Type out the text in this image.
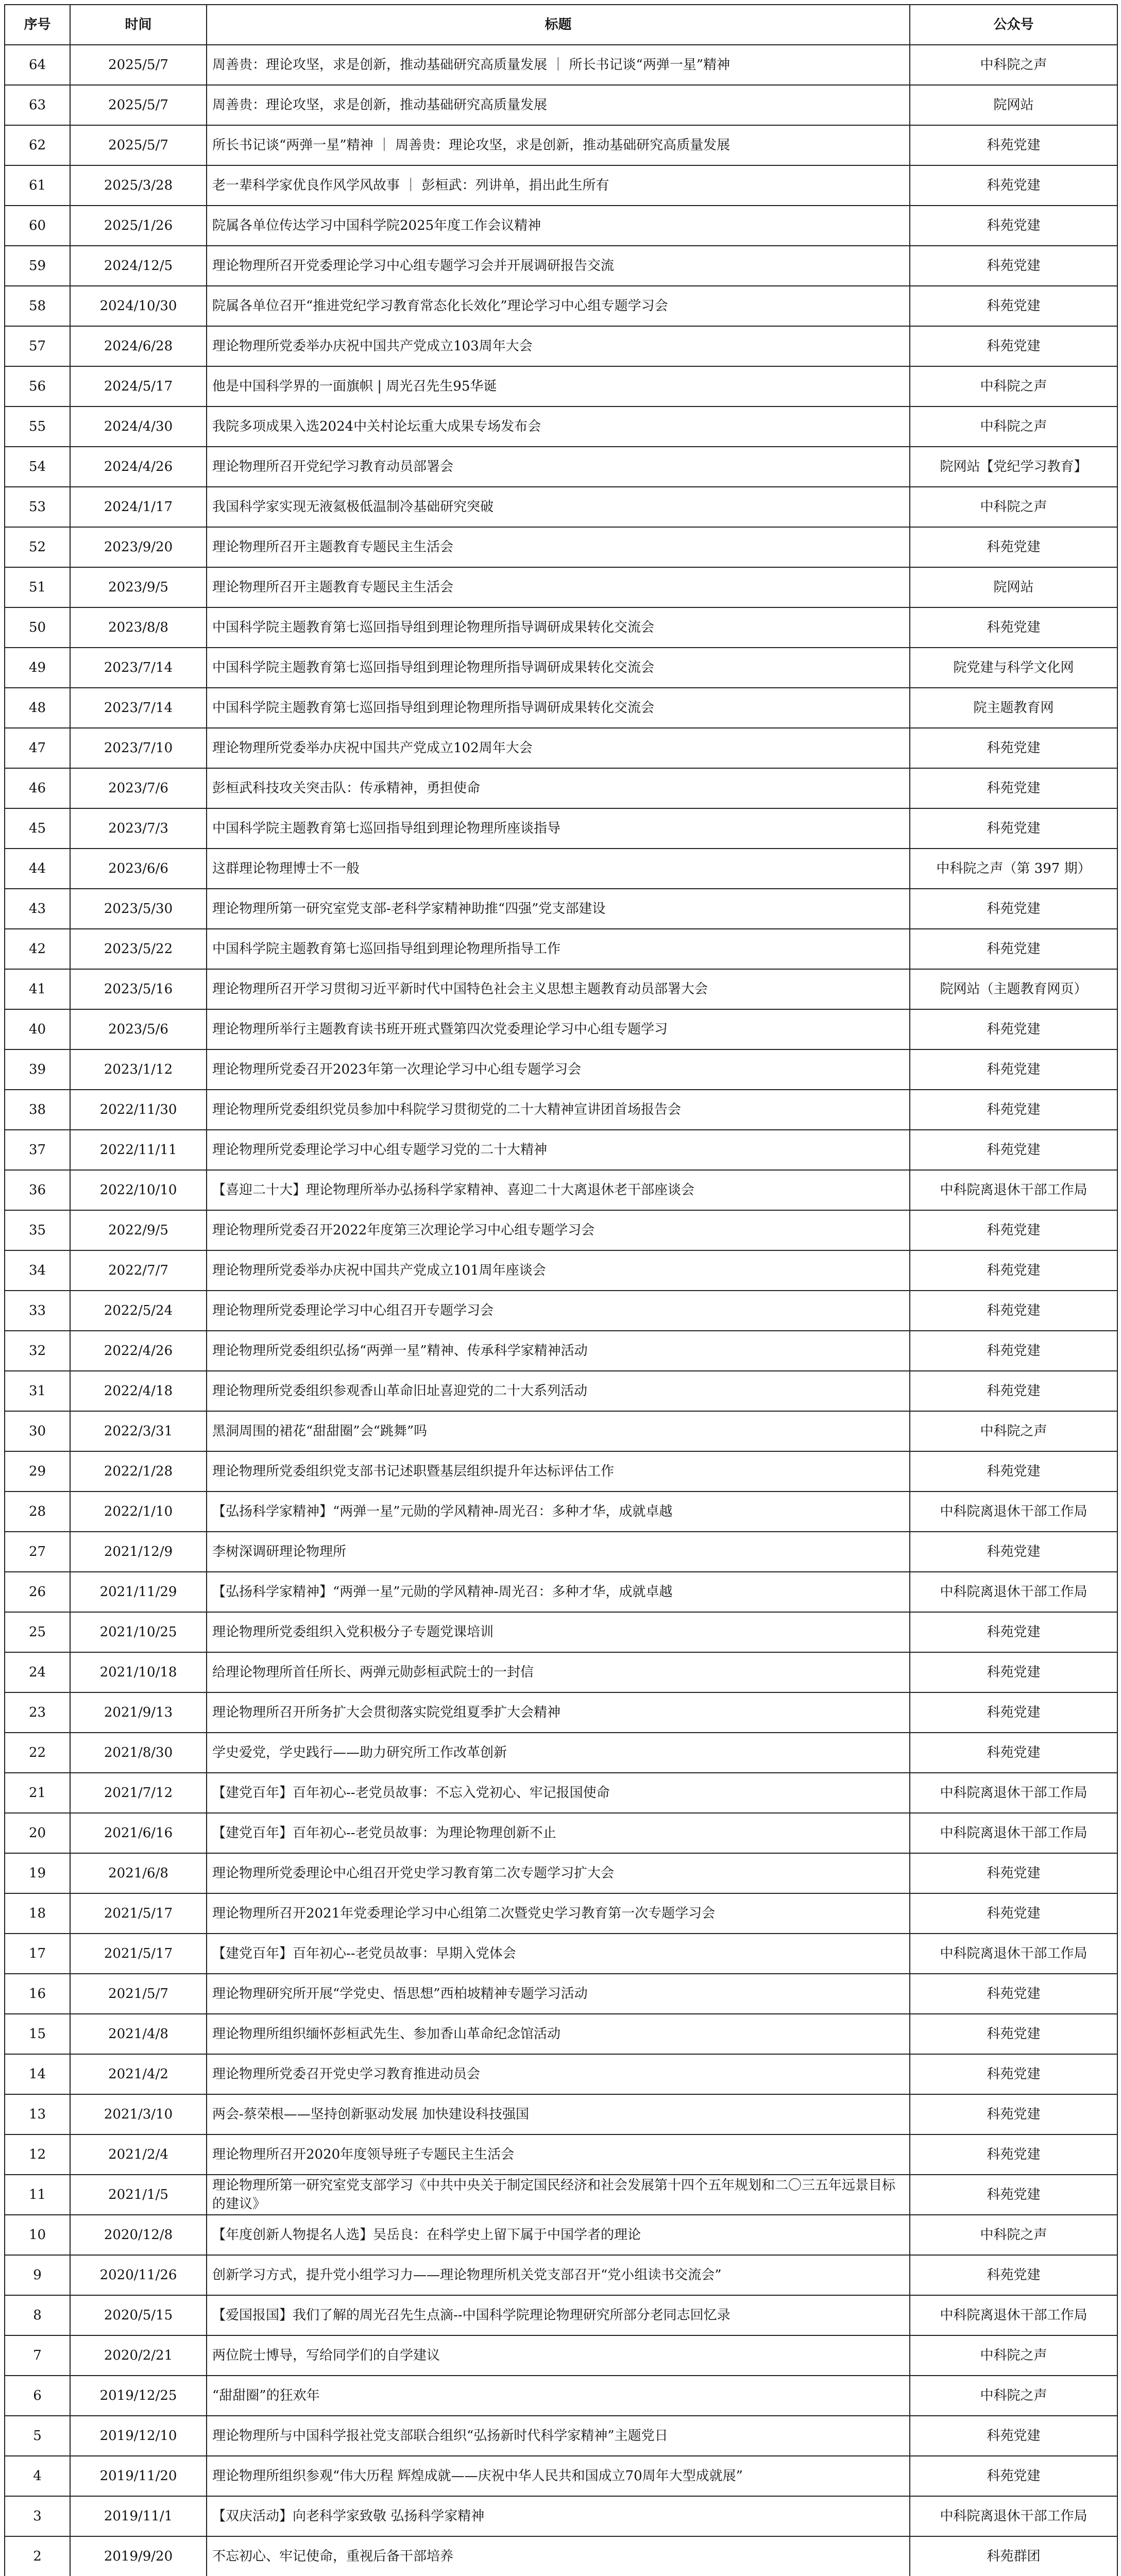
序号	时间	标题	公众号
64	2025/5/7	周善贵：理论攻坚，求是创新，推动基础研究高质量发展 ｜ 所长书记谈“两弹一星”精神	中科院之声
63	2025/5/7	周善贵：理论攻坚，求是创新，推动基础研究高质量发展	院网站
62	2025/5/7	所长书记谈“两弹一星”精神 ｜ 周善贵：理论攻坚，求是创新，推动基础研究高质量发展	科苑党建
61	2025/3/28	老一辈科学家优良作风学风故事 ｜ 彭桓武：列讲单，捐出此生所有	科苑党建
60	2025/1/26	院属各单位传达学习中国科学院2025年度工作会议精神	科苑党建
59	2024/12/5	理论物理所召开党委理论学习中心组专题学习会并开展调研报告交流	科苑党建
58	2024/10/30	院属各单位召开“推进党纪学习教育常态化长效化”理论学习中心组专题学习会	科苑党建
57	2024/6/28	理论物理所党委举办庆祝中国共产党成立103周年大会	科苑党建
56	2024/5/17	他是中国科学界的一面旗帜 | 周光召先生95华诞	中科院之声
55	2024/4/30	我院多项成果入选2024中关村论坛重大成果专场发布会	中科院之声
54	2024/4/26	理论物理所召开党纪学习教育动员部署会	院网站【党纪学习教育】
53	2024/1/17	我国科学家实现无液氦极低温制冷基础研究突破	中科院之声
52	2023/9/20	理论物理所召开主题教育专题民主生活会	科苑党建
51	2023/9/5	理论物理所召开主题教育专题民主生活会	院网站
50	2023/8/8	中国科学院主题教育第七巡回指导组到理论物理所指导调研成果转化交流会	科苑党建
49	2023/7/14	中国科学院主题教育第七巡回指导组到理论物理所指导调研成果转化交流会	院党建与科学文化网
48	2023/7/14	中国科学院主题教育第七巡回指导组到理论物理所指导调研成果转化交流会	院主题教育网
47	2023/7/10	理论物理所党委举办庆祝中国共产党成立102周年大会	科苑党建
46	2023/7/6	彭桓武科技攻关突击队：传承精神，勇担使命	科苑党建
45	2023/7/3	中国科学院主题教育第七巡回指导组到理论物理所座谈指导	科苑党建
44	2023/6/6	这群理论物理博士不一般	中科院之声（第 397 期）
43	2023/5/30	理论物理所第一研究室党支部-老科学家精神助推“四强”党支部建设	科苑党建
42	2023/5/22	中国科学院主题教育第七巡回指导组到理论物理所指导工作	科苑党建
41	2023/5/16	理论物理所召开学习贯彻习近平新时代中国特色社会主义思想主题教育动员部署大会	院网站（主题教育网页）
40	2023/5/6	理论物理所举行主题教育读书班开班式暨第四次党委理论学习中心组专题学习	科苑党建
39	2023/1/12	理论物理所党委召开2023年第一次理论学习中心组专题学习会	科苑党建
38	2022/11/30	理论物理所党委组织党员参加中科院学习贯彻党的二十大精神宣讲团首场报告会	科苑党建
37	2022/11/11	理论物理所党委理论学习中心组专题学习党的二十大精神	科苑党建
36	2022/10/10	【喜迎二十大】理论物理所举办弘扬科学家精神、喜迎二十大离退休老干部座谈会	中科院离退休干部工作局
35	2022/9/5	理论物理所党委召开2022年度第三次理论学习中心组专题学习会	科苑党建
34	2022/7/7	理论物理所党委举办庆祝中国共产党成立101周年座谈会	科苑党建
33	2022/5/24	理论物理所党委理论学习中心组召开专题学习会	科苑党建
32	2022/4/26	理论物理所党委组织弘扬“两弹一星”精神、传承科学家精神活动	科苑党建
31	2022/4/18	理论物理所党委组织参观香山革命旧址喜迎党的二十大系列活动	科苑党建
30	2022/3/31	黑洞周围的裙花“甜甜圈”会“跳舞”吗	中科院之声
29	2022/1/28	理论物理所党委组织党支部书记述职暨基层组织提升年达标评估工作	科苑党建
28	2022/1/10	【弘扬科学家精神】“两弹一星”元勋的学风精神-周光召：多种才华，成就卓越	中科院离退休干部工作局
27	2021/12/9	李树深调研理论物理所	科苑党建
26	2021/11/29	【弘扬科学家精神】“两弹一星”元勋的学风精神-周光召：多种才华，成就卓越	中科院离退休干部工作局
25	2021/10/25	理论物理所党委组织入党积极分子专题党课培训	科苑党建
24	2021/10/18	给理论物理所首任所长、两弹元勋彭桓武院士的一封信	科苑党建
23	2021/9/13	理论物理所召开所务扩大会贯彻落实院党组夏季扩大会精神	科苑党建
22	2021/8/30	学史爱党，学史践行——助力研究所工作改革创新	科苑党建
21	2021/7/12	【建党百年】百年初心--老党员故事：不忘入党初心、牢记报国使命	中科院离退休干部工作局
20	2021/6/16	【建党百年】百年初心--老党员故事：为理论物理创新不止	中科院离退休干部工作局
19	2021/6/8	理论物理所党委理论中心组召开党史学习教育第二次专题学习扩大会	科苑党建
18	2021/5/17	理论物理所召开2021年党委理论学习中心组第二次暨党史学习教育第一次专题学习会	科苑党建
17	2021/5/17	【建党百年】百年初心--老党员故事：早期入党体会	中科院离退休干部工作局
16	2021/5/7	理论物理研究所开展“学党史、悟思想”西柏坡精神专题学习活动	科苑党建
15	2021/4/8	理论物理所组织缅怀彭桓武先生、参加香山革命纪念馆活动	科苑党建
14	2021/4/2	理论物理所党委召开党史学习教育推进动员会	科苑党建
13	2021/3/10	两会-蔡荣根——坚持创新驱动发展 加快建设科技强国	科苑党建
12	2021/2/4	理论物理所召开2020年度领导班子专题民主生活会	科苑党建
11	2021/1/5	理论物理所第一研究室党支部学习《中共中央关于制定国民经济和社会发展第十四个五年规划和二〇三五年远景目标的建议》	科苑党建
10	2020/12/8	【年度创新人物提名人选】吴岳良：在科学史上留下属于中国学者的理论	中科院之声
9	2020/11/26	创新学习方式，提升党小组学习力——理论物理所机关党支部召开“党小组读书交流会”	科苑党建
8	2020/5/15	【爱国报国】我们了解的周光召先生点滴--中国科学院理论物理研究所部分老同志回忆录	中科院离退休干部工作局
7	2020/2/21	两位院士博导，写给同学们的自学建议	中科院之声
6	2019/12/25	“甜甜圈”的狂欢年	中科院之声
5	2019/12/10	理论物理所与中国科学报社党支部联合组织“弘扬新时代科学家精神”主题党日	科苑党建
4	2019/11/20	理论物理所组织参观“伟大历程 辉煌成就——庆祝中华人民共和国成立70周年大型成就展”	科苑党建
3	2019/11/1	【双庆活动】向老科学家致敬 弘扬科学家精神	中科院离退休干部工作局
2	2019/9/20	不忘初心、牢记使命，重视后备干部培养	科苑群团
